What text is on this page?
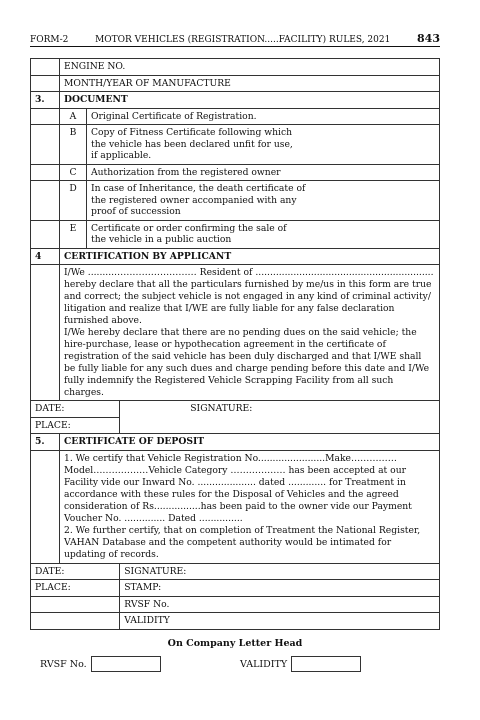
FORM-2	MOTOR VEHICLES (REGISTRATION.....FACILITY) RULES, 2021 843
	ENGINE NO.		
	MONTH/YEAR OF MANUFACTURE		
3.	DOCUMENT		
	A	Original Certificate of Registration.	
	B	Copy of Fitness Certificate following which the vehicle has been declared unfit for use, if applicable.	
	C	Authorization from the registered owner	
	D	In case of Inheritance, the death certificate of the registered owner accompanied with any proof of succession	
	E	Certificate or order confirming the sale of the vehicle in a public auction	
4	CERTIFICATION BY APPLICANT		

	I/We .........……………………… Resident of ............................................................. hereby declare that all the particulars furnished by me/us in this form are true and correct; the subject vehicle is not engaged in any kind of criminal activity/ litigation and realize that I/WE are fully liable for any false declaration furnished above.

I/We hereby declare that there are no pending dues on the said vehicle; the hire-purchase, lease or hypothecation agreement in the certificate of registration of the said vehicle has been duly discharged and that I/WE shall be fully liable for any such dues and charge pending before this date and I/We fully indemnify the Registered Vehicle Scrapping Facility from all such charges.		

DATE:			SIGNATURE:
PLACE:			
5.	CERTIFICATE OF DEPOSIT		

	1. We certify that Vehicle Registration No.......................Make…………… Model………………Vehicle Category ……………… has been accepted at our Facility vide our Inward No. .................... dated ............. for Treatment in accordance with these rules for the Disposal of Vehicles and the agreed consideration of Rs................has been paid to the owner vide our Payment Voucher No. .............. Dated ...............

2. We further certify, that on completion of Treatment the National Register, VAHAN Database and the competent authority would be intimated for updating of records.		

DATE:			SIGNATURE:
PLACE:			STAMP:
			RVSF No.
			VALIDITY
On Company Letter Head
RVSF No.	VALIDITY
